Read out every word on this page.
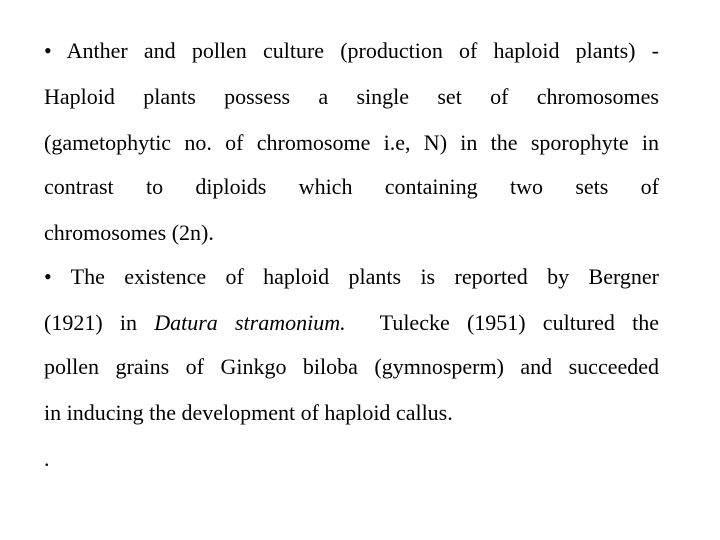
• Anther and pollen culture (production of haploid plants) -

Haploid plants possess a single set of chromosomes

(gametophytic no. of chromosome i.e, N) in the sporophyte in

contrast to diploids which containing two sets of

chromosomes (2n).

• The existence of haploid plants is reported by Bergner

(1921) in Datura stramonium.  Tulecke (1951) cultured the

pollen grains of Ginkgo biloba (gymnosperm) and succeeded

in inducing the development of haploid callus.

.
